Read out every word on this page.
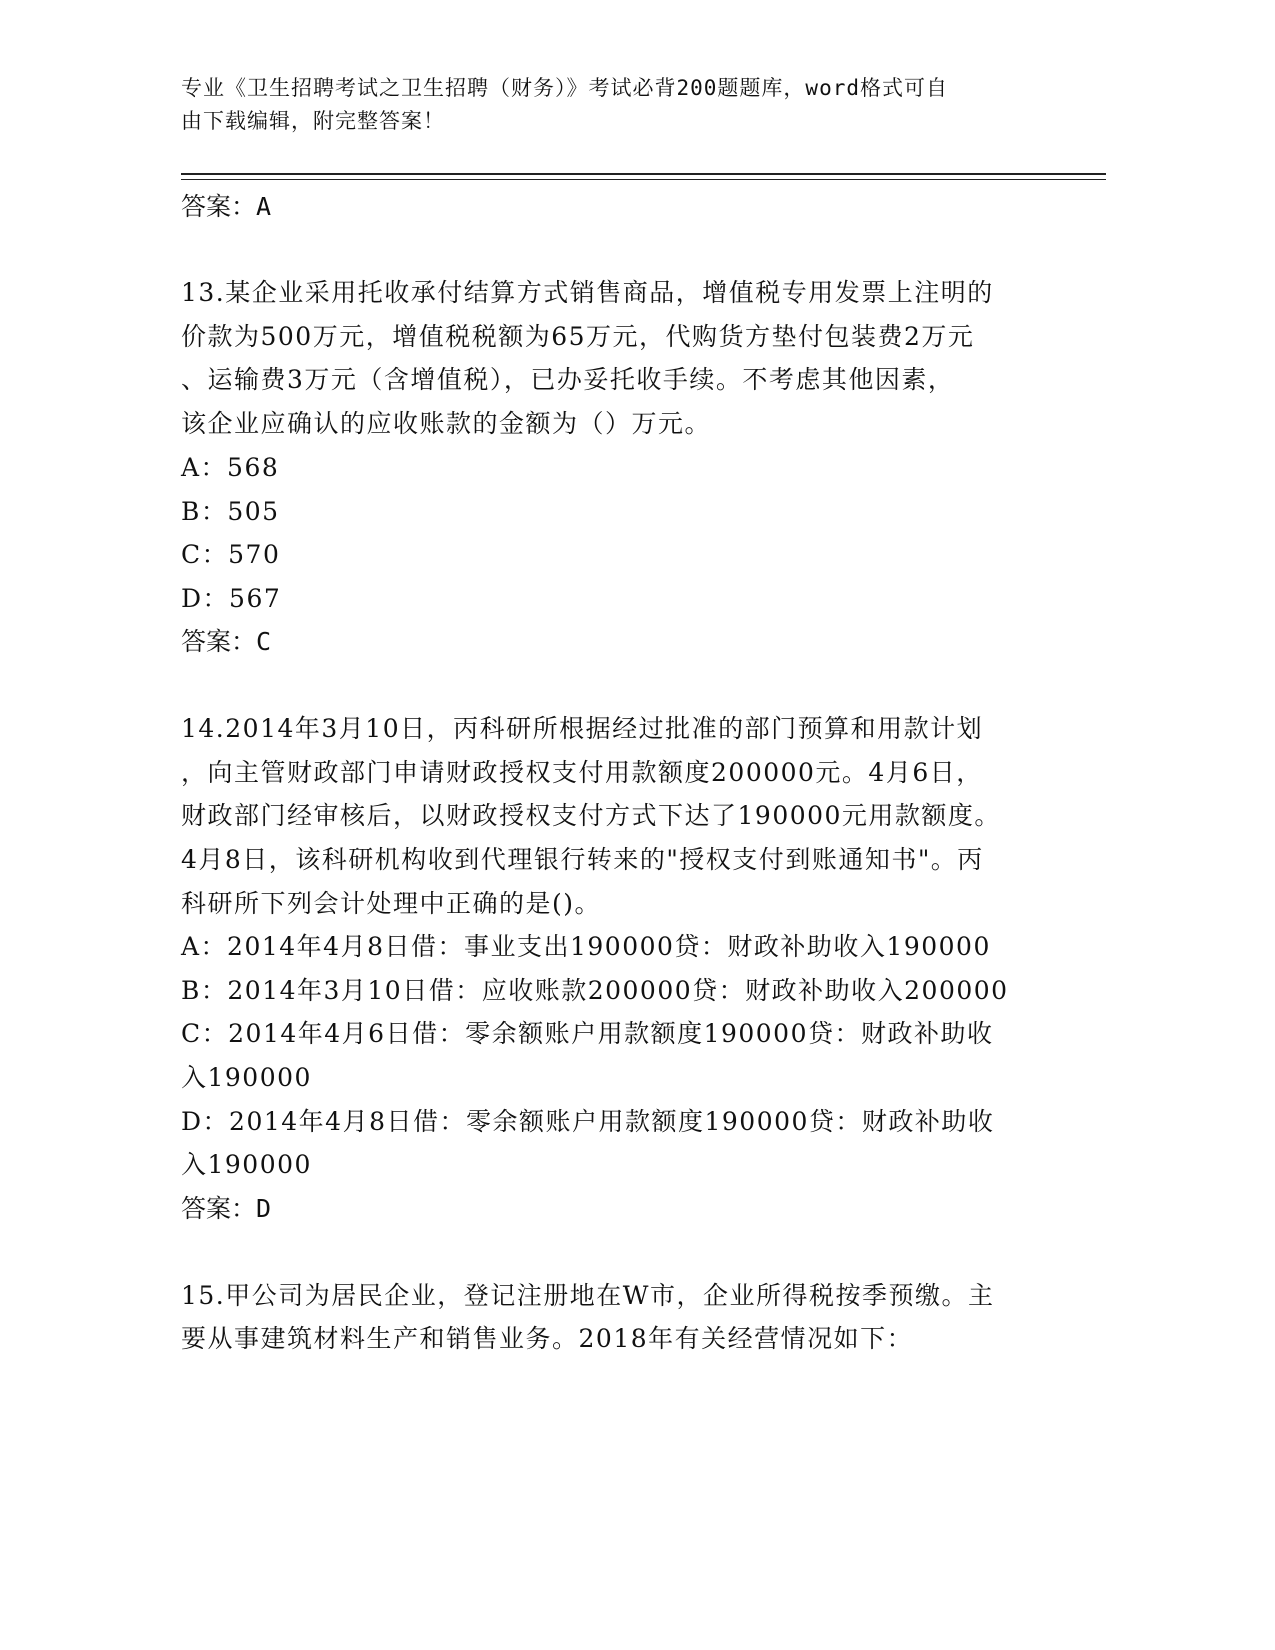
专业《卫生招聘考试之卫生招聘（财务）》考试必背200题题库，word格式可自
由下载编辑，附完整答案！
答案：A
13.某企业采用托收承付结算方式销售商品，增值税专用发票上注明的
价款为500万元，增值税税额为65万元，代购货方垫付包装费2万元
、运输费3万元（含增值税），已办妥托收手续。不考虑其他因素，
该企业应确认的应收账款的金额为（）万元。
A：568
B：505
C：570
D：567
答案：C
14.2014年3月10日，丙科研所根据经过批准的部门预算和用款计划
，向主管财政部门申请财政授权支付用款额度200000元。4月6日，
财政部门经审核后，以财政授权支付方式下达了190000元用款额度。
4月8日，该科研机构收到代理银行转来的"授权支付到账通知书"。丙
科研所下列会计处理中正确的是()。
A：2014年4月8日借：事业支出190000贷：财政补助收入190000
B：2014年3月10日借：应收账款200000贷：财政补助收入200000
C：2014年4月6日借：零余额账户用款额度190000贷：财政补助收
入190000
D：2014年4月8日借：零余额账户用款额度190000贷：财政补助收
入190000
答案：D
15.甲公司为居民企业，登记注册地在W市，企业所得税按季预缴。主
要从事建筑材料生产和销售业务。2018年有关经营情况如下：
